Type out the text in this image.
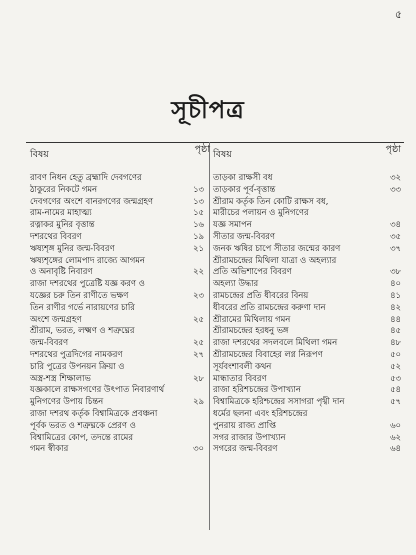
৫
সূচীপত্র
বিষয়	পৃষ্ঠা
রাবণ নিধন হেতু ব্রহ্মাদি দেবগণের
ঠাকুরের নিকটে গমন	১৩
দেবগণের অংশে বানরগণের জন্মগ্রহণ	১৩
রাম-নামের মাহাত্ম্য	১৫
রত্নাকর মুনির বৃত্তান্ত	১৬
দশরথের বিবরণ	১৯
ঋষ্যশৃঙ্গ মুনির জন্ম-বিবরণ	২১
ঋষ্যশৃঙ্গের লোমপাদ রাজ্যে আগমন
ও অনাবৃষ্টি নিবারণ	২২
রাজা দশরথের পুত্রেষ্টি যজ্ঞ করণ ও
যজ্ঞের চরু তিন রাণীতে ভক্ষণ	২৩
তিন রাণীর গর্ভে নারায়ণের চারি
অংশে জন্মগ্রহণ	২৫
শ্রীরাম, ভরত, লক্ষ্মণ ও শত্রুঘ্নের
জন্ম-বিবরণ	২৫
দশরথের পুত্রদিগের নামকরণ	২৭
চারি পুত্রের উপনয়ন ক্রিয়া ও
অস্ত্র-শস্ত্র শিক্ষালাভ	২৮
যজ্ঞকালে রাক্ষসগণের উৎপাত নিবারণার্থ
মুনিগণের উপায় চিন্তন	২৯
রাজা দশরথ কর্তৃক বিশ্বামিত্রকে প্রবঞ্চনা
পূর্বক ভরত ও শত্রুঘ্নকে প্রেরণ ও
বিশ্বামিত্রের কোপ, তদন্তে রামের
গমন স্বীকার	৩০
বিষয়	পৃষ্ঠা
তাড়কা রাক্ষসী বধ	৩২
তাড়কার পূর্ব-বৃত্তান্ত	৩৩
শ্রীরাম কর্তৃক তিন কোটি রাক্ষস বধ,
মারীচের পলায়ন ও মুনিগণের
যজ্ঞ সমাপন	৩৪
সীতার জন্ম-বিবরণ	৩৫
জনক ঋষির চাপে সীতার জন্মের কারণ	৩৭
শ্রীরামচন্দ্রের মিথিলা যাত্রা ও অহল্যার
প্রতি অভিশাপের বিবরণ	৩৮
অহল্যা উদ্ধার	৪০
রামচন্দ্রের প্রতি ধীবরের বিনয়	৪১
ধীবরের প্রতি রামচন্দ্রের করুণা দান	৪২
শ্রীরামের মিথিলায় গমন	৪৪
শ্রীরামচন্দ্রের হরধনু ভঙ্গ	৪৫
রাজা দশরথের সদলবলে মিথিলা গমন	৪৮
শ্রীরামচন্দ্রের বিবাহের লগ্ন নিরূপণ	৫০
সূর্যবংশাবলী কথন	৫২
মান্ধাতার বিবরণ	৫৩
রাজা হরিশচন্দ্রের উপাখ্যান	৫৪
বিশ্বামিত্রকে হরিশ্চন্দ্রের সসাগরা পৃথ্বী দান	৫৭
ধর্মের ছলনা এবং হরিশচন্দ্রের
পুনরায় রাজ্য প্রাপ্তি	৬০
সগর রাজার উপাখ্যান	৬২
সগরের জন্ম-বিবরণ	৬৪
